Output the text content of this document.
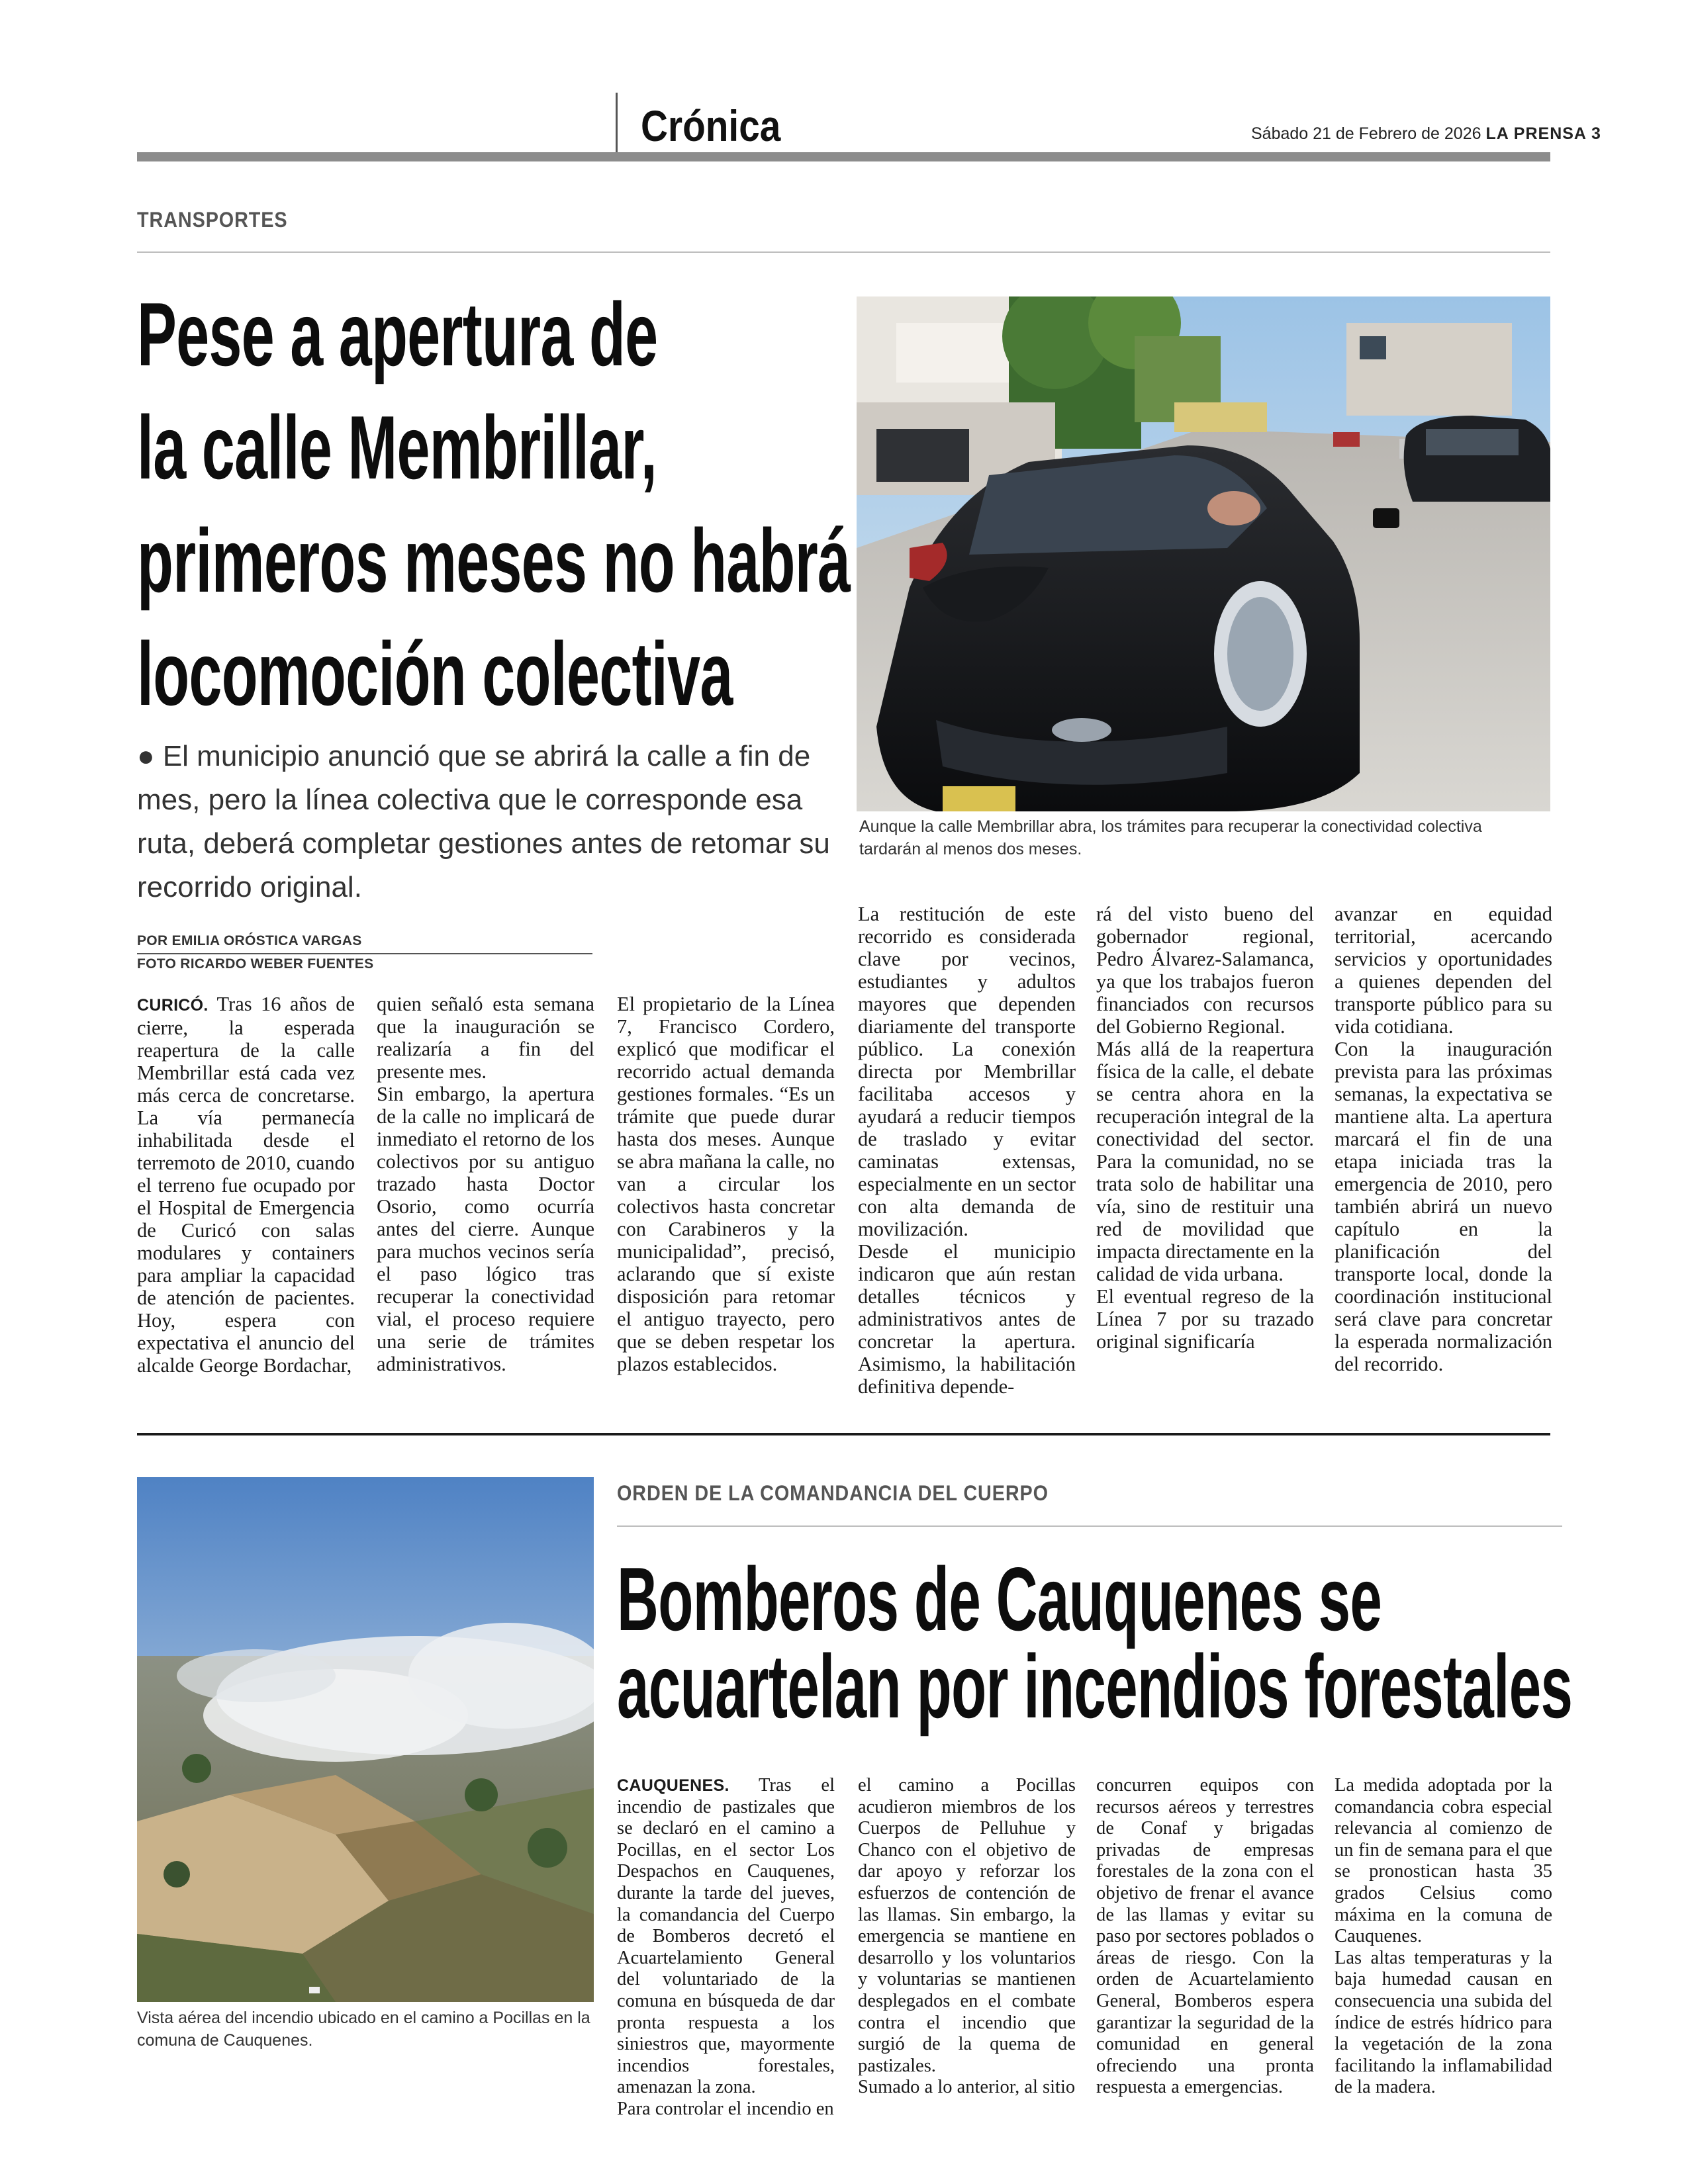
Crónica	Sábado 21 de Febrero de 2026 LA PRENSA 3
TRANSPORTES
Pese a apertura de
la calle Membrillar,
primeros meses no habrá
locomoción colectiva
● El municipio anunció que se abrirá la calle a fin de mes, pero la línea colectiva que le corresponde esa ruta, deberá completar gestiones antes de retomar su recorrido original.
POR EMILIA ORÓSTICA VARGAS
FOTO RICARDO WEBER FUENTES
Aunque la calle Membrillar abra, los trámites para recuperar la conectividad colectiva tardarán al menos dos meses.

CURICÓ. Tras 16 años de cierre, la esperada reapertura de la calle Membrillar está cada vez más cerca de concretarse. La vía permanecía inhabilitada desde el terremoto de 2010, cuando el terreno fue ocupado por el Hospital de Emergencia de Curicó con salas modulares y containers para ampliar la capacidad de atención de pacientes. Hoy, espera con expectativa el anuncio del alcalde George Bordachar,

quien señaló esta semana que la inauguración se realizaría a fin del presente mes.

Sin embargo, la apertura de la calle no implicará de inmediato el retorno de los colectivos por su antiguo trazado hasta Doctor Osorio, como ocurría antes del cierre. Aunque para muchos vecinos sería el paso lógico tras recuperar la conectividad vial, el proceso requiere una serie de trámites administrativos.

El propietario de la Línea 7, Francisco Cordero, explicó que modificar el recorrido actual demanda gestiones formales. “Es un trámite que puede durar hasta dos meses. Aunque se abra mañana la calle, no van a circular los colectivos hasta concretar con Carabineros y la municipalidad”, precisó, aclarando que sí existe disposición para retomar el antiguo trayecto, pero que se deben respetar los plazos establecidos.

La restitución de este recorrido es considerada clave por vecinos, estudiantes y adultos mayores que dependen diariamente del transporte público. La conexión directa por Membrillar facilitaba accesos y ayudará a reducir tiempos de traslado y evitar caminatas extensas, especialmente en un sector con alta demanda de movilización.

Desde el municipio indicaron que aún restan detalles técnicos y administrativos antes de concretar la apertura. Asimismo, la habilitación definitiva depende-

rá del visto bueno del gobernador regional, Pedro Álvarez-Salamanca, ya que los trabajos fueron financiados con recursos del Gobierno Regional.

Más allá de la reapertura física de la calle, el debate se centra ahora en la recuperación integral de la conectividad del sector. Para la comunidad, no se trata solo de habilitar una vía, sino de restituir una red de movilidad que impacta directamente en la calidad de vida urbana.

El eventual regreso de la Línea 7 por su trazado original significaría

avanzar en equidad territorial, acercando servicios y oportunidades a quienes dependen del transporte público para su vida cotidiana.

Con la inauguración prevista para las próximas semanas, la expectativa se mantiene alta. La apertura marcará el fin de una etapa iniciada tras la emergencia de 2010, pero también abrirá un nuevo capítulo en la planificación del transporte local, donde la coordinación institucional será clave para concretar la esperada normalización del recorrido.

Vista aérea del incendio ubicado en el camino a Pocillas en la comuna de Cauquenes.
ORDEN DE LA COMANDANCIA DEL CUERPO
Bomberos de Cauquenes se
acuartelan por incendios forestales

CAUQUENES. Tras el incendio de pastizales que se declaró en el camino a Pocillas, en el sector Los Despachos en Cauquenes, durante la tarde del jueves, la comandancia del Cuerpo de Bomberos decretó el Acuartelamiento General del voluntariado de la comuna en búsqueda de dar pronta respuesta a los siniestros que, mayormente incendios forestales, amenazan la zona.

Para controlar el incendio en

el camino a Pocillas acudieron miembros de los Cuerpos de Pelluhue y Chanco con el objetivo de dar apoyo y reforzar los esfuerzos de contención de las llamas. Sin embargo, la emergencia se mantiene en desarrollo y los voluntarios y voluntarias se mantienen desplegados en el combate contra el incendio que surgió de la quema de pastizales.

Sumado a lo anterior, al sitio

concurren equipos con recursos aéreos y terrestres de Conaf y brigadas privadas de empresas forestales de la zona con el objetivo de frenar el avance de las llamas y evitar su paso por sectores poblados o áreas de riesgo. Con la orden de Acuartelamiento General, Bomberos espera garantizar la seguridad de la comunidad en general ofreciendo una pronta respuesta a emergencias.

La medida adoptada por la comandancia cobra especial relevancia al comienzo de un fin de semana para el que se pronostican hasta 35 grados Celsius como máxima en la comuna de Cauquenes.

Las altas temperaturas y la baja humedad causan en consecuencia una subida del índice de estrés hídrico para la vegetación de la zona facilitando la inflamabilidad de la madera.
